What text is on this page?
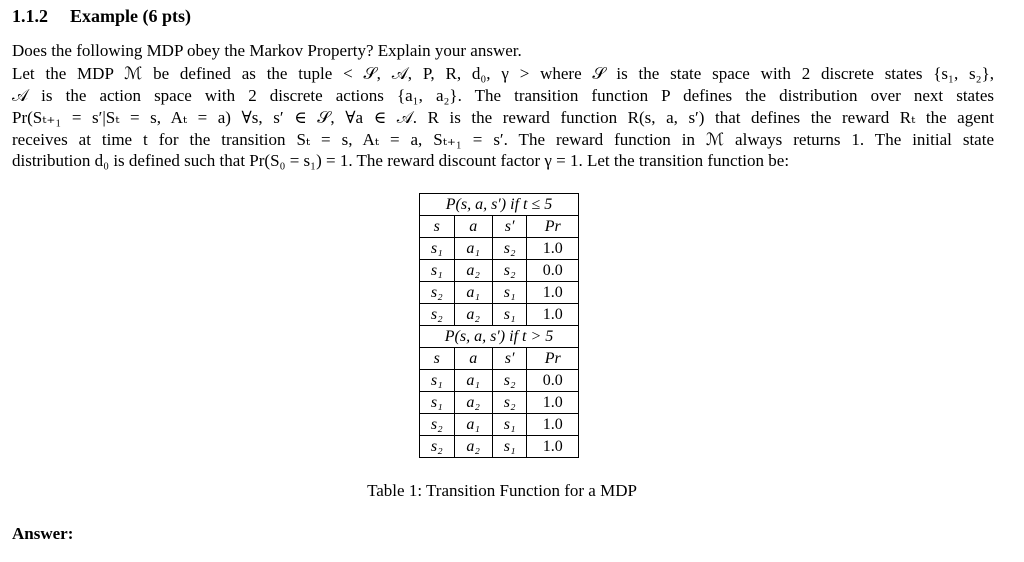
1.1.2 Example (6 pts)
Does the following MDP obey the Markov Property? Explain your answer.
Let the MDP ℳ be defined as the tuple < 𝒮, 𝒜, P, R, d₀, γ > where 𝒮 is the state space with 2 discrete states {s₁, s₂},
𝒜 is the action space with 2 discrete actions {a₁, a₂}. The transition function P defines the distribution over next states
Pr(Sₜ₊₁ = s′|Sₜ = s, Aₜ = a) ∀s, s′ ∈ 𝒮, ∀a ∈ 𝒜. R is the reward function R(s, a, s′) that defines the reward Rₜ the agent
receives at time t for the transition Sₜ = s, Aₜ = a, Sₜ₊₁ = s′. The reward function in ℳ always returns 1. The initial state
distribution d₀ is defined such that Pr(S₀ = s₁) = 1. The reward discount factor γ = 1. Let the transition function be:
P(s, a, s′) if t ≤ 5			
s	a	s′	Pr
s₁	a₁	s₂	1.0
s₁	a₂	s₂	0.0
s₂	a₁	s₁	1.0
s₂	a₂	s₁	1.0
P(s, a, s′) if t > 5			
s	a	s′	Pr
s₁	a₁	s₂	0.0
s₁	a₂	s₂	1.0
s₂	a₁	s₁	1.0
s₂	a₂	s₁	1.0
Table 1: Transition Function for a MDP
Answer:
